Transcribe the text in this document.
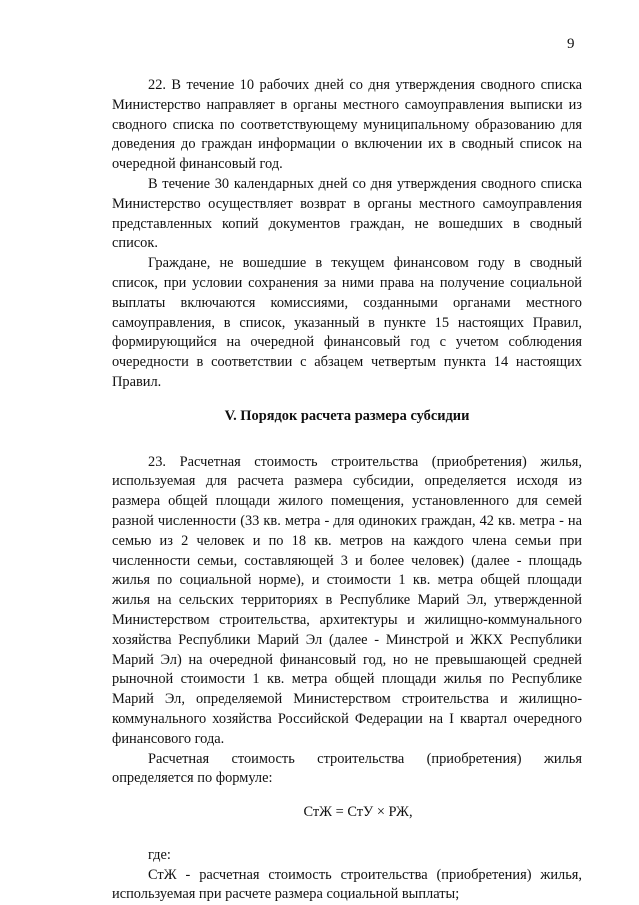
9

22. В течение 10 рабочих дней со дня утверждения сводного списка Министерство направляет в органы местного самоуправления выписки из сводного списка по соответствующему муниципальному образованию для доведения до граждан информации о включении их в сводный список на очередной финансовый год.

В течение 30 календарных дней со дня утверждения сводного списка Министерство осуществляет возврат в органы местного самоуправления представленных копий документов граждан, не вошедших в сводный список.

Граждане, не вошедшие в текущем финансовом году в сводный список, при условии сохранения за ними права на получение социальной выплаты включаются комиссиями, созданными органами местного самоуправления, в список, указанный в пункте 15 настоящих Правил, формирующийся на очередной финансовый год с учетом соблюдения очередности в соответствии с абзацем четвертым пункта 14 настоящих Правил.

V. Порядок расчета размера субсидии

23. Расчетная стоимость строительства (приобретения) жилья, используемая для расчета размера субсидии, определяется исходя из размера общей площади жилого помещения, установленного для семей разной численности (33 кв. метра - для одиноких граждан, 42 кв. метра - на семью из 2 человек и по 18 кв. метров на каждого члена семьи при численности семьи, составляющей 3 и более человек) (далее - площадь жилья по социальной норме), и стоимости 1 кв. метра общей площади жилья на сельских территориях в Республике Марий Эл, утвержденной Министерством строительства, архитектуры и жилищно-коммунального хозяйства Республики Марий Эл (далее - Минстрой и ЖКХ Республики Марий Эл) на очередной финансовый год, но не превышающей средней рыночной стоимости 1 кв. метра общей площади жилья по Республике Марий Эл, определяемой Министерством строительства и жилищно-коммунального хозяйства Российской Федерации на I квартал очередного финансового года.

Расчетная стоимость строительства (приобретения) жилья определяется по формуле:

СтЖ = СтУ × РЖ,

где:

СтЖ - расчетная стоимость строительства (приобретения) жилья, используемая при расчете размера социальной выплаты;
